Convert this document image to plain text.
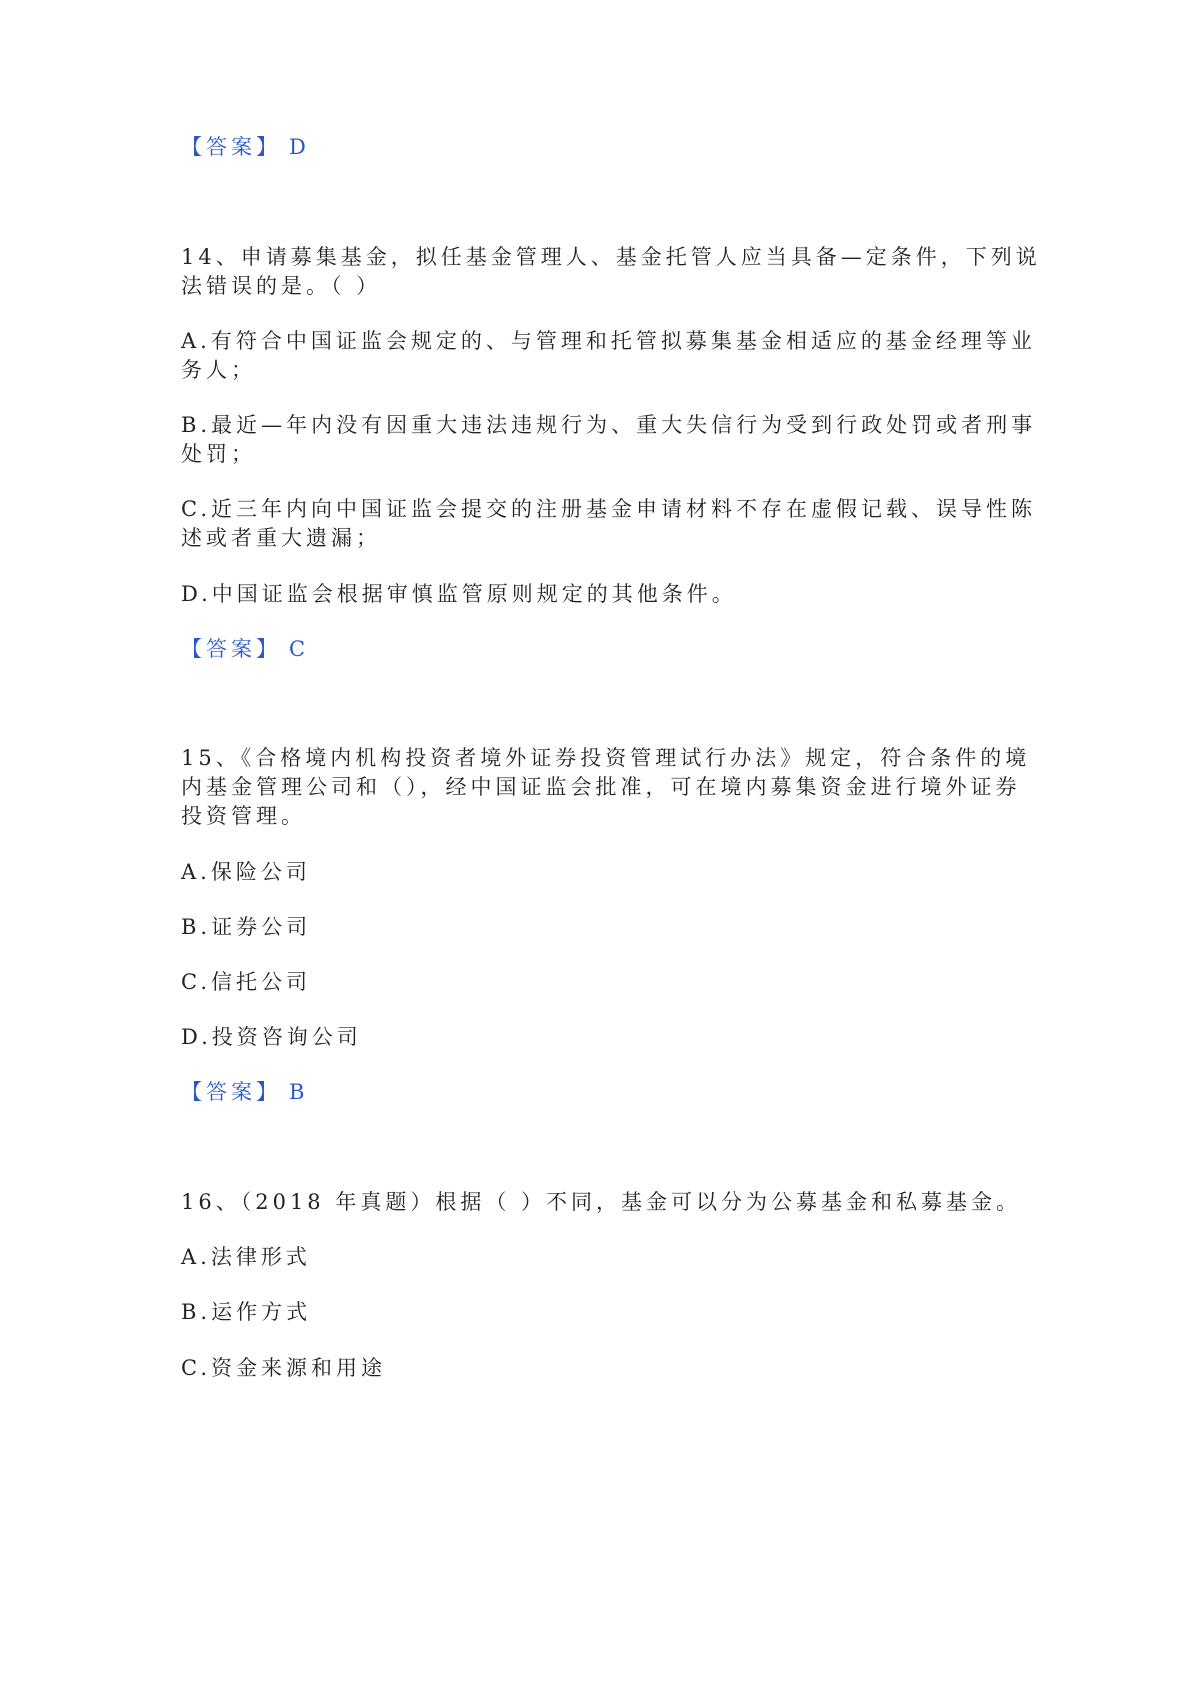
【答案】 D
14、申请募集基金，拟任基金管理人、基金托管人应当具备—定条件，下列说
法错误的是。（ ）
A.有符合中国证监会规定的、与管理和托管拟募集基金相适应的基金经理等业
务人；
B.最近—年内没有因重大违法违规行为、重大失信行为受到行政处罚或者刑事
处罚；
C.近三年内向中国证监会提交的注册基金申请材料不存在虚假记载、误导性陈
述或者重大遗漏；
D.中国证监会根据审慎监管原则规定的其他条件。
【答案】 C
15、《合格境内机构投资者境外证券投资管理试行办法》规定，符合条件的境
内基金管理公司和（），经中国证监会批准，可在境内募集资金进行境外证券
投资管理。
A.保险公司
B.证券公司
C.信托公司
D.投资咨询公司
【答案】 B
16、（2018 年真题）根据（ ）不同，基金可以分为公募基金和私募基金。
A.法律形式
B.运作方式
C.资金来源和用途
